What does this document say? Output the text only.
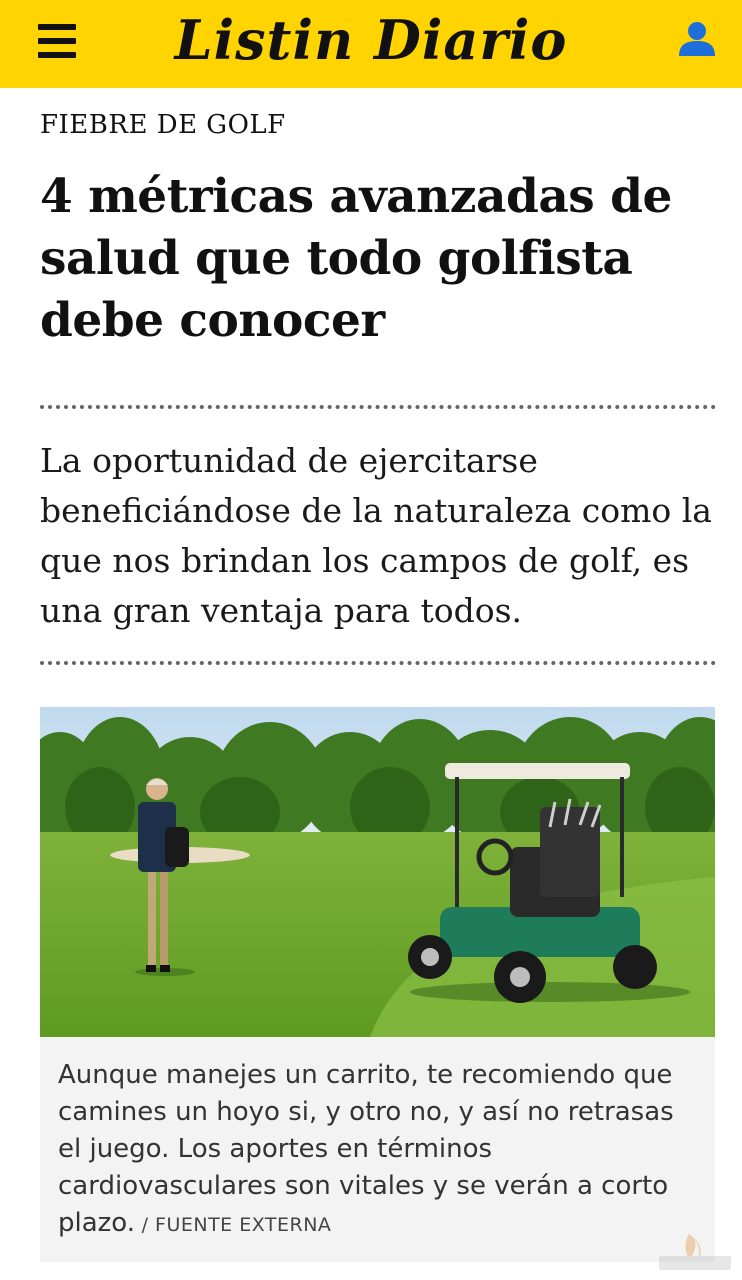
Listin Diario
FIEBRE DE GOLF
4 métricas avanzadas de salud que todo golfista debe conocer

La oportunidad de ejercitarse beneficiándose de la naturaleza como la que nos brindan los campos de golf, es una gran ventaja para todos.

Aunque manejes un carrito, te recomiendo que camines un hoyo si, y otro no, y así no retrasas el juego. Los aportes en términos cardiovasculares son vitales y se verán a corto plazo. / FUENTE EXTERNA
